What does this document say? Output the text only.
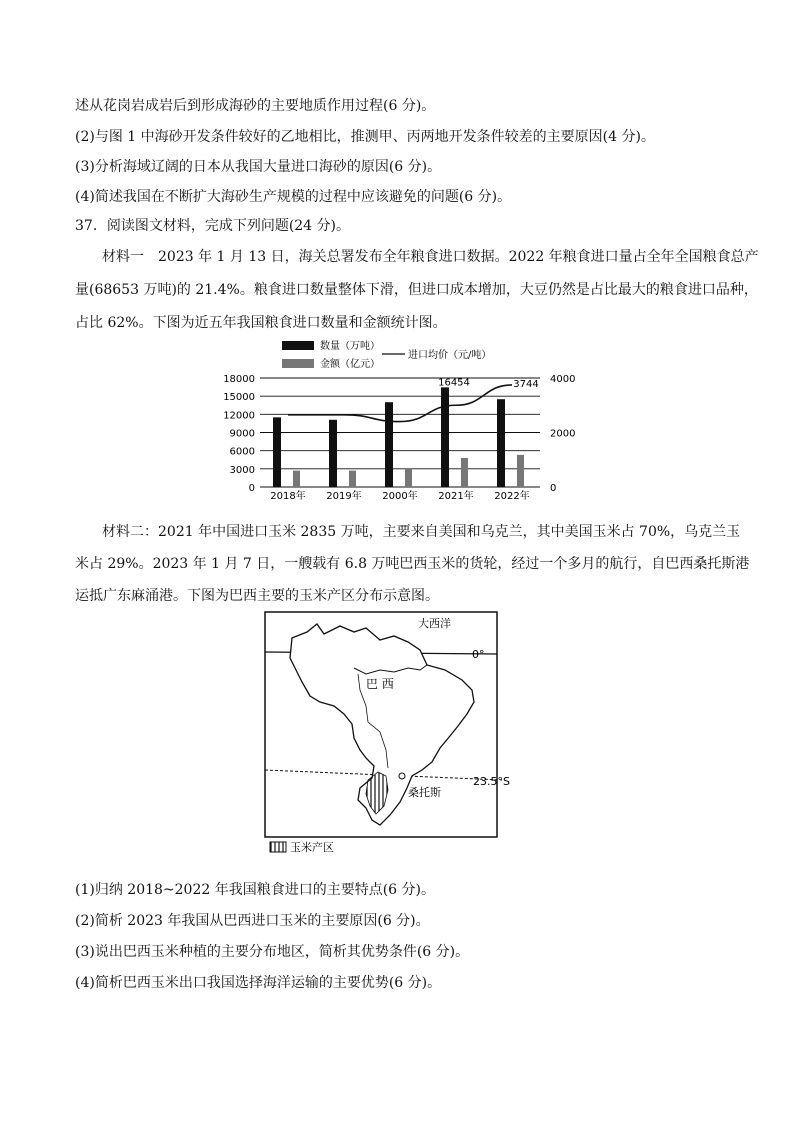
述从花岗岩成岩后到形成海砂的主要地质作用过程(6 分)。
(2)与图 1 中海砂开发条件较好的乙地相比，推测甲、丙两地开发条件较差的主要原因(4 分)。
(3)分析海域辽阔的日本从我国大量进口海砂的原因(6 分)。
(4)简述我国在不断扩大海砂生产规模的过程中应该避免的问题(6 分)。
37．阅读图文材料，完成下列问题(24 分)。
材料一　2023 年 1 月 13 日，海关总署发布全年粮食进口数据。2022 年粮食进口量占全年全国粮食总产
量(68653 万吨)的 21.4%。粮食进口数量整体下滑，但进口成本增加，大豆仍然是占比最大的粮食进口品种，
占比 62%。下图为近五年我国粮食进口数量和金额统计图。
数量（万吨）
金额（亿元）
进口均价（元/吨）
18000
15000
12000
9000
6000
3000
0
4000
2000
0
2018年 2019年 2000年 2021年 2022年
16454	3744
材料二：2021 年中国进口玉米 2835 万吨，主要来自美国和乌克兰，其中美国玉米占 70%，乌克兰玉
米占 29%。2023 年 1 月 7 日，一艘载有 6.8 万吨巴西玉米的货轮，经过一个多月的航行，自巴西桑托斯港
运抵广东麻涌港。下图为巴西主要的玉米产区分布示意图。
大西洋
0°
巴 西
23.5°S
桑托斯
玉米产区
(1)归纳 2018~2022 年我国粮食进口的主要特点(6 分)。
(2)简析 2023 年我国从巴西进口玉米的主要原因(6 分)。
(3)说出巴西玉米种植的主要分布地区，简析其优势条件(6 分)。
(4)简析巴西玉米出口我国选择海洋运输的主要优势(6 分)。
